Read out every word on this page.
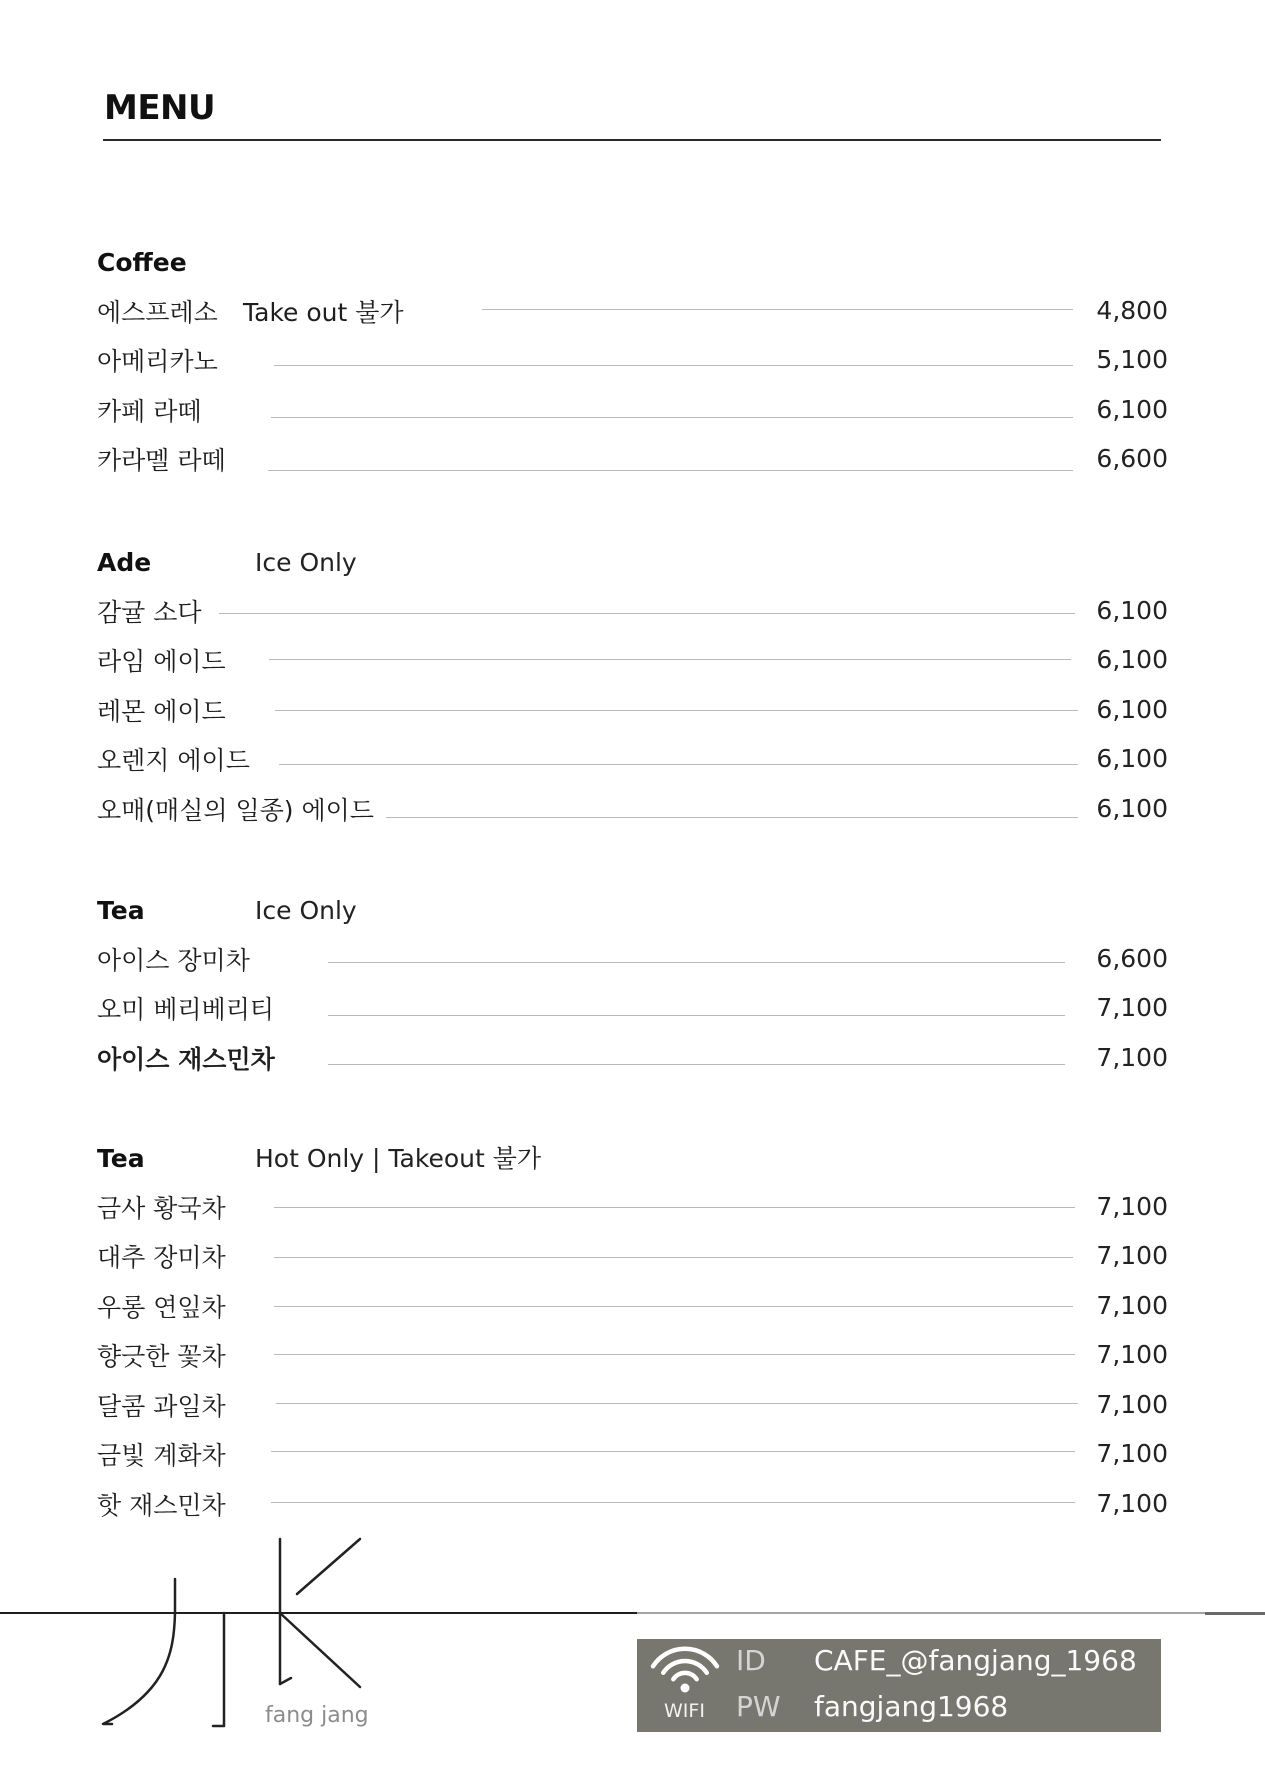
MENU
Coffee
에스프레소 Take out 불가	4,800
아메리카노	5,100
카페 라떼	6,100
카라멜 라떼	6,600
Ade	Ice Only
감귤 소다	6,100
라임 에이드	6,100
레몬 에이드	6,100
오렌지 에이드	6,100
오매(매실의 일종) 에이드	6,100
Tea	Ice Only
아이스 장미차	6,600
오미 베리베리티	7,100
아이스 재스민차	7,100
Tea	Hot Only | Takeout 불가
금사 황국차	7,100
대추 장미차	7,100
우롱 연잎차	7,100
향긋한 꽃차	7,100
달콤 과일차	7,100
금빛 계화차	7,100
핫 재스민차	7,100
fang jang	WIFI
ID CAFE_@fangjang_1968
PW fangjang1968
